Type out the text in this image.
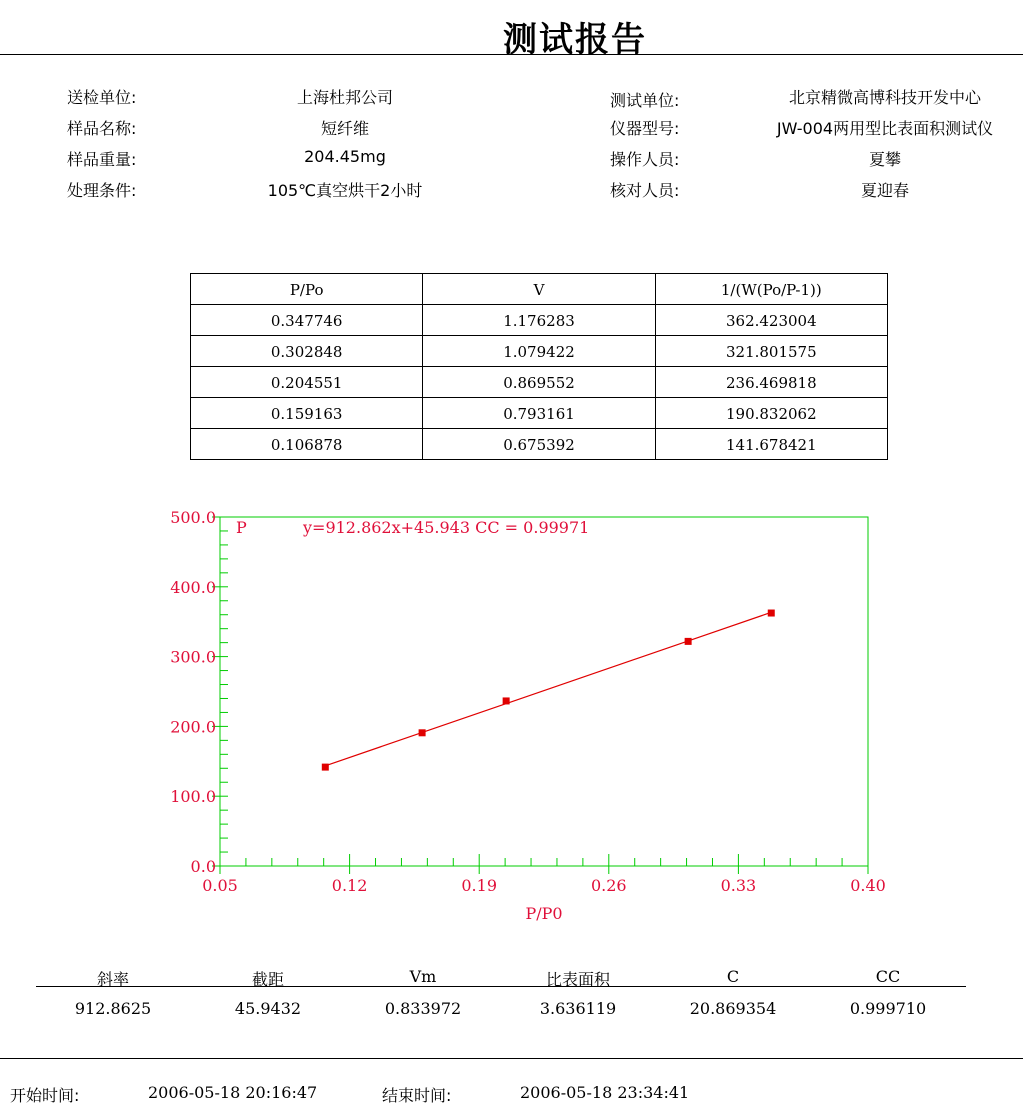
测试报告
送检单位:	上海杜邦公司
样品名称:	短纤维
样品重量:	204.45mg
处理条件:	105℃真空烘干2小时
测试单位:	北京精微高博科技开发中心
仪器型号:	JW-004两用型比表面积测试仪
操作人员:	夏攀
核对人员:	夏迎春
P/Po	V	1/(W(Po/P-1))
0.347746	1.176283	362.423004
0.302848	1.079422	321.801575
0.204551	0.869552	236.469818
0.159163	0.793161	190.832062
0.106878	0.675392	141.678421
0.0
100.0
200.0
300.0
400.0
500.0
0.05	0.12	0.19	0.26	0.33	0.40
P/P0
P	y=912.862x+45.943 CC = 0.99971
斜率	截距	Vm	比表面积	C	CC
912.8625	45.9432	0.833972	3.636119	20.869354	0.999710
开始时间:	2006-05-18 20:16:47	结束时间:	2006-05-18 23:34:41
